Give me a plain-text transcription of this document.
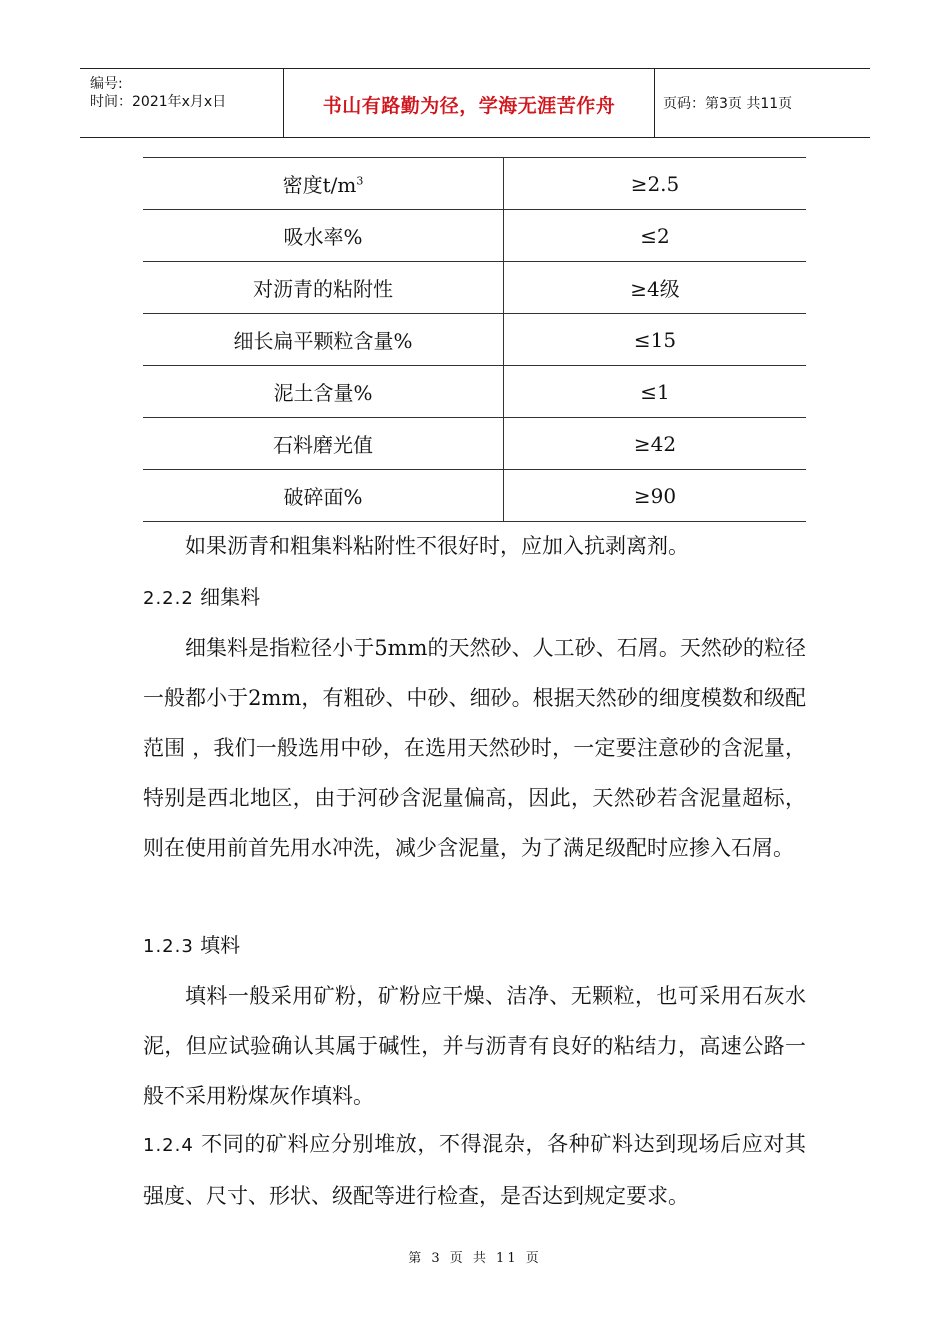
编号:
时间：2021年x月x日	书山有路勤为径，学海无涯苦作舟	页码：第3页 共11页
密度$t/m^3$	≥2.5
吸水率%	≤2
对沥青的粘附性	≥4级
细长扁平颗粒含量%	≤15
泥土含量%	≤1
石料磨光值	≥42
破碎面%	≥90

如果沥青和粗集料粘附性不很好时，应加入抗剥离剂。

2.2.2 细集料

细集料是指粒径小于5mm的天然砂、人工砂、石屑。天然砂的粒径一般都小于2mm，有粗砂、中砂、细砂。根据天然砂的细度模数和级配范围 ，我们一般选用中砂，在选用天然砂时，一定要注意砂的含泥量，特别是西北地区，由于河砂含泥量偏高，因此，天然砂若含泥量超标，则在使用前首先用水冲洗，减少含泥量，为了满足级配时应掺入石屑。

1.2.3 填料

填料一般采用矿粉，矿粉应干燥、洁净、无颗粒，也可采用石灰水泥，但应试验确认其属于碱性，并与沥青有良好的粘结力，高速公路一般不采用粉煤灰作填料。

1.2.4 不同的矿料应分别堆放，不得混杂，各种矿料达到现场后应对其强度、尺寸、形状、级配等进行检查，是否达到规定要求。

第 3 页 共 11 页
